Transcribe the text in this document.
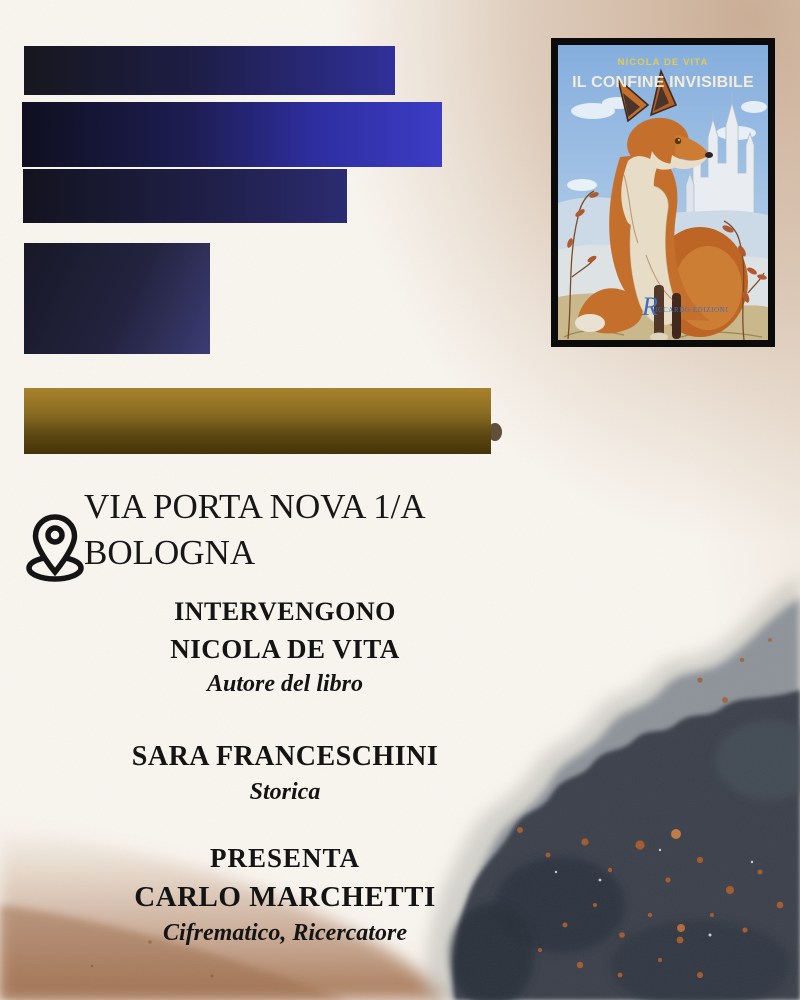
VIA PORTA NOVA 1/A
BOLOGNA
INTERVENGONO
NICOLA DE VITA
Autore del libro
SARA FRANCESCHINI
Storica
PRESENTA
CARLO MARCHETTI
Cifrematico, Ricercatore
NICOLA DE VITA
IL CONFINE INVISIBILE
R
ICCARDO EDIZIONI
